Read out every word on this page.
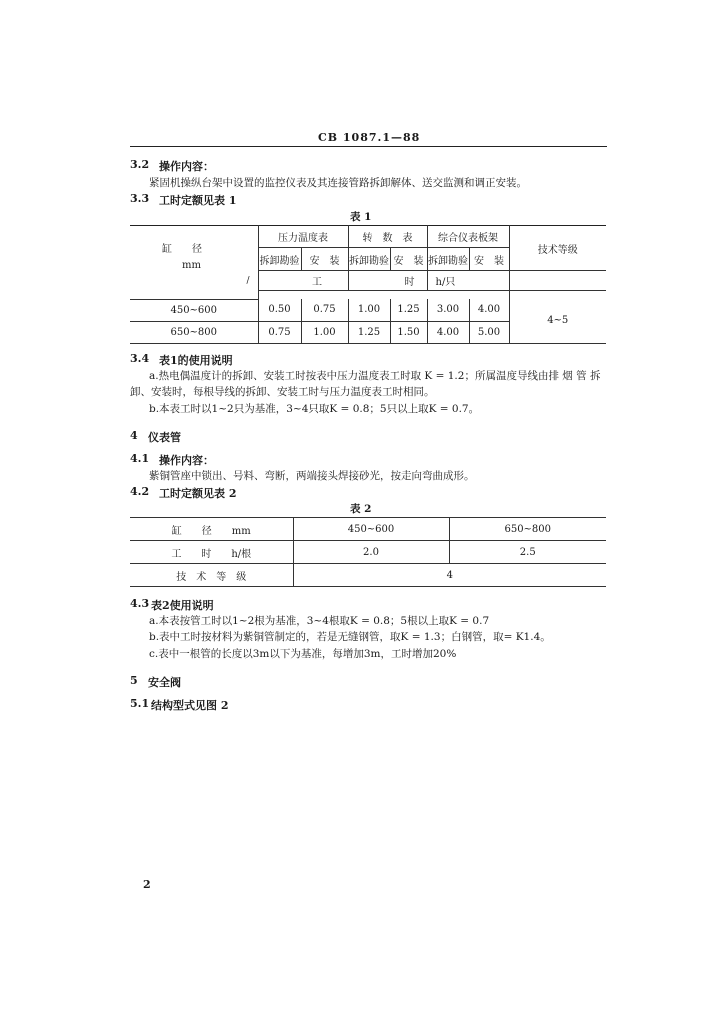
CB 1087.1—88
3.2 操作内容：
紧固机操纵台架中设置的监控仪表及其连接管路拆卸解体、送交监测和调正安装。
3.3 工时定额见表 1
表 1
缸　　径
mm	压力温度表		转　数　表		综合仪表板架		技术等级
	拆卸勘验	安　装	拆卸勘验	安　装	拆卸勘验	安　装	
	工		时		h/只		
/							
450~600	0.50	0.75	1.00	1.25	3.00	4.00	4~5
650~800	0.75	1.00	1.25	1.50	4.00	5.00	
3.4 表1的使用说明
a.热电偶温度计的拆卸、安装工时按表中压力温度表工时取 K = 1.2；所属温度导线由排 烟 管 拆
卸、安装时，每根导线的拆卸、安装工时与压力温度表工时相同。
b.本表工时以1~2只为基准，3~4只取K = 0.8；5只以上取K = 0.7。
4 仪表管
4.1 操作内容：
紫铜管座中锁出、号料、弯断，两端接头焊接砂光，按走向弯曲成形。
4.2 工时定额见表 2
表 2
缸　　径　　mm	450~600	650~800
工　　时　　h/根	2.0	2.5
技　术　等　级	4	
4.3 表2使用说明
a.本表按管工时以1~2根为基准，3~4根取K = 0.8；5根以上取K = 0.7
b.表中工时按材料为紫铜管制定的，若是无缝钢管，取K = 1.3；白钢管，取= K1.4。
c.表中一根管的长度以3m以下为基准，每增加3m，工时增加20%
5 安全阀
5.1 结构型式见图 2
2
